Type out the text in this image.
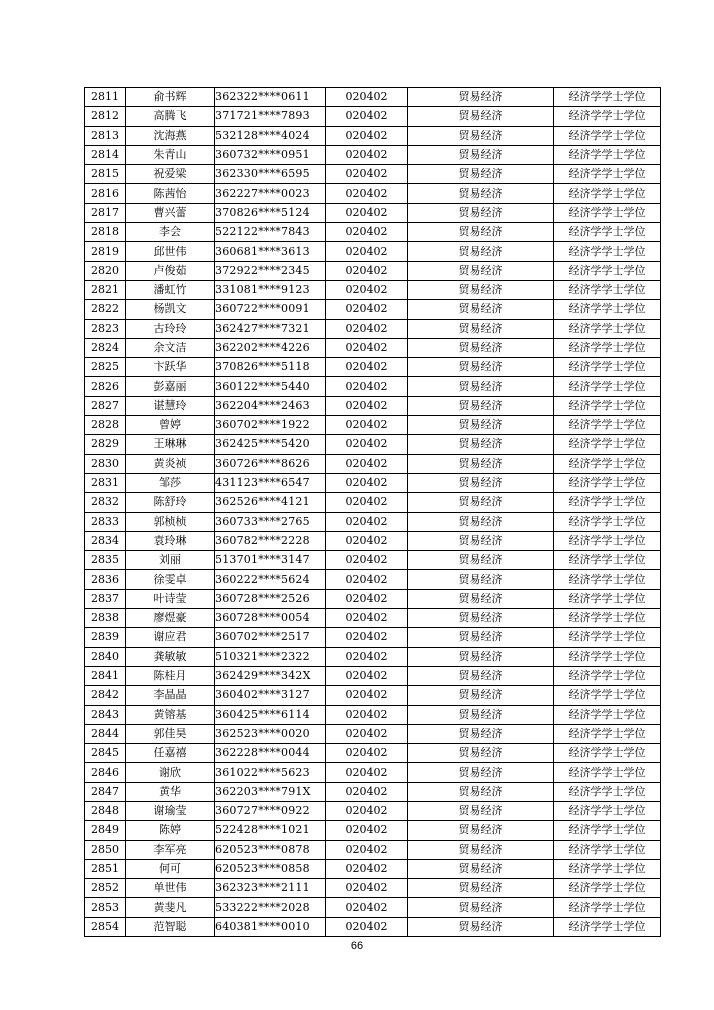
2811	俞书辉	362322****0611	020402	贸易经济	经济学学士学位
2812	高腾飞	371721****7893	020402	贸易经济	经济学学士学位
2813	沈海燕	532128****4024	020402	贸易经济	经济学学士学位
2814	朱青山	360732****0951	020402	贸易经济	经济学学士学位
2815	祝爱梁	362330****6595	020402	贸易经济	经济学学士学位
2816	陈茜怡	362227****0023	020402	贸易经济	经济学学士学位
2817	曹兴蕾	370826****5124	020402	贸易经济	经济学学士学位
2818	李会	522122****7843	020402	贸易经济	经济学学士学位
2819	邱世伟	360681****3613	020402	贸易经济	经济学学士学位
2820	卢俊茹	372922****2345	020402	贸易经济	经济学学士学位
2821	潘虹竹	331081****9123	020402	贸易经济	经济学学士学位
2822	杨凯文	360722****0091	020402	贸易经济	经济学学士学位
2823	古玲玲	362427****7321	020402	贸易经济	经济学学士学位
2824	余文洁	362202****4226	020402	贸易经济	经济学学士学位
2825	卞跃华	370826****5118	020402	贸易经济	经济学学士学位
2826	彭嘉丽	360122****5440	020402	贸易经济	经济学学士学位
2827	谌慧玲	362204****2463	020402	贸易经济	经济学学士学位
2828	曾婷	360702****1922	020402	贸易经济	经济学学士学位
2829	王琳琳	362425****5420	020402	贸易经济	经济学学士学位
2830	黄炎祯	360726****8626	020402	贸易经济	经济学学士学位
2831	邹莎	431123****6547	020402	贸易经济	经济学学士学位
2832	陈舒玲	362526****4121	020402	贸易经济	经济学学士学位
2833	郭桢桢	360733****2765	020402	贸易经济	经济学学士学位
2834	袁玲琳	360782****2228	020402	贸易经济	经济学学士学位
2835	刘丽	513701****3147	020402	贸易经济	经济学学士学位
2836	徐雯卓	360222****5624	020402	贸易经济	经济学学士学位
2837	叶诗莹	360728****2526	020402	贸易经济	经济学学士学位
2838	廖煜豪	360728****0054	020402	贸易经济	经济学学士学位
2839	谢应君	360702****2517	020402	贸易经济	经济学学士学位
2840	龚敏敏	510321****2322	020402	贸易经济	经济学学士学位
2841	陈桂月	362429****342X	020402	贸易经济	经济学学士学位
2842	李晶晶	360402****3127	020402	贸易经济	经济学学士学位
2843	黄镕基	360425****6114	020402	贸易经济	经济学学士学位
2844	郭佳昊	362523****0020	020402	贸易经济	经济学学士学位
2845	任嘉禧	362228****0044	020402	贸易经济	经济学学士学位
2846	谢欣	361022****5623	020402	贸易经济	经济学学士学位
2847	黄华	362203****791X	020402	贸易经济	经济学学士学位
2848	谢瑜莹	360727****0922	020402	贸易经济	经济学学士学位
2849	陈婷	522428****1021	020402	贸易经济	经济学学士学位
2850	李军亮	620523****0878	020402	贸易经济	经济学学士学位
2851	何可	620523****0858	020402	贸易经济	经济学学士学位
2852	单世伟	362323****2111	020402	贸易经济	经济学学士学位
2853	黄斐凡	533222****2028	020402	贸易经济	经济学学士学位
2854	范智聪	640381****0010	020402	贸易经济	经济学学士学位
66
